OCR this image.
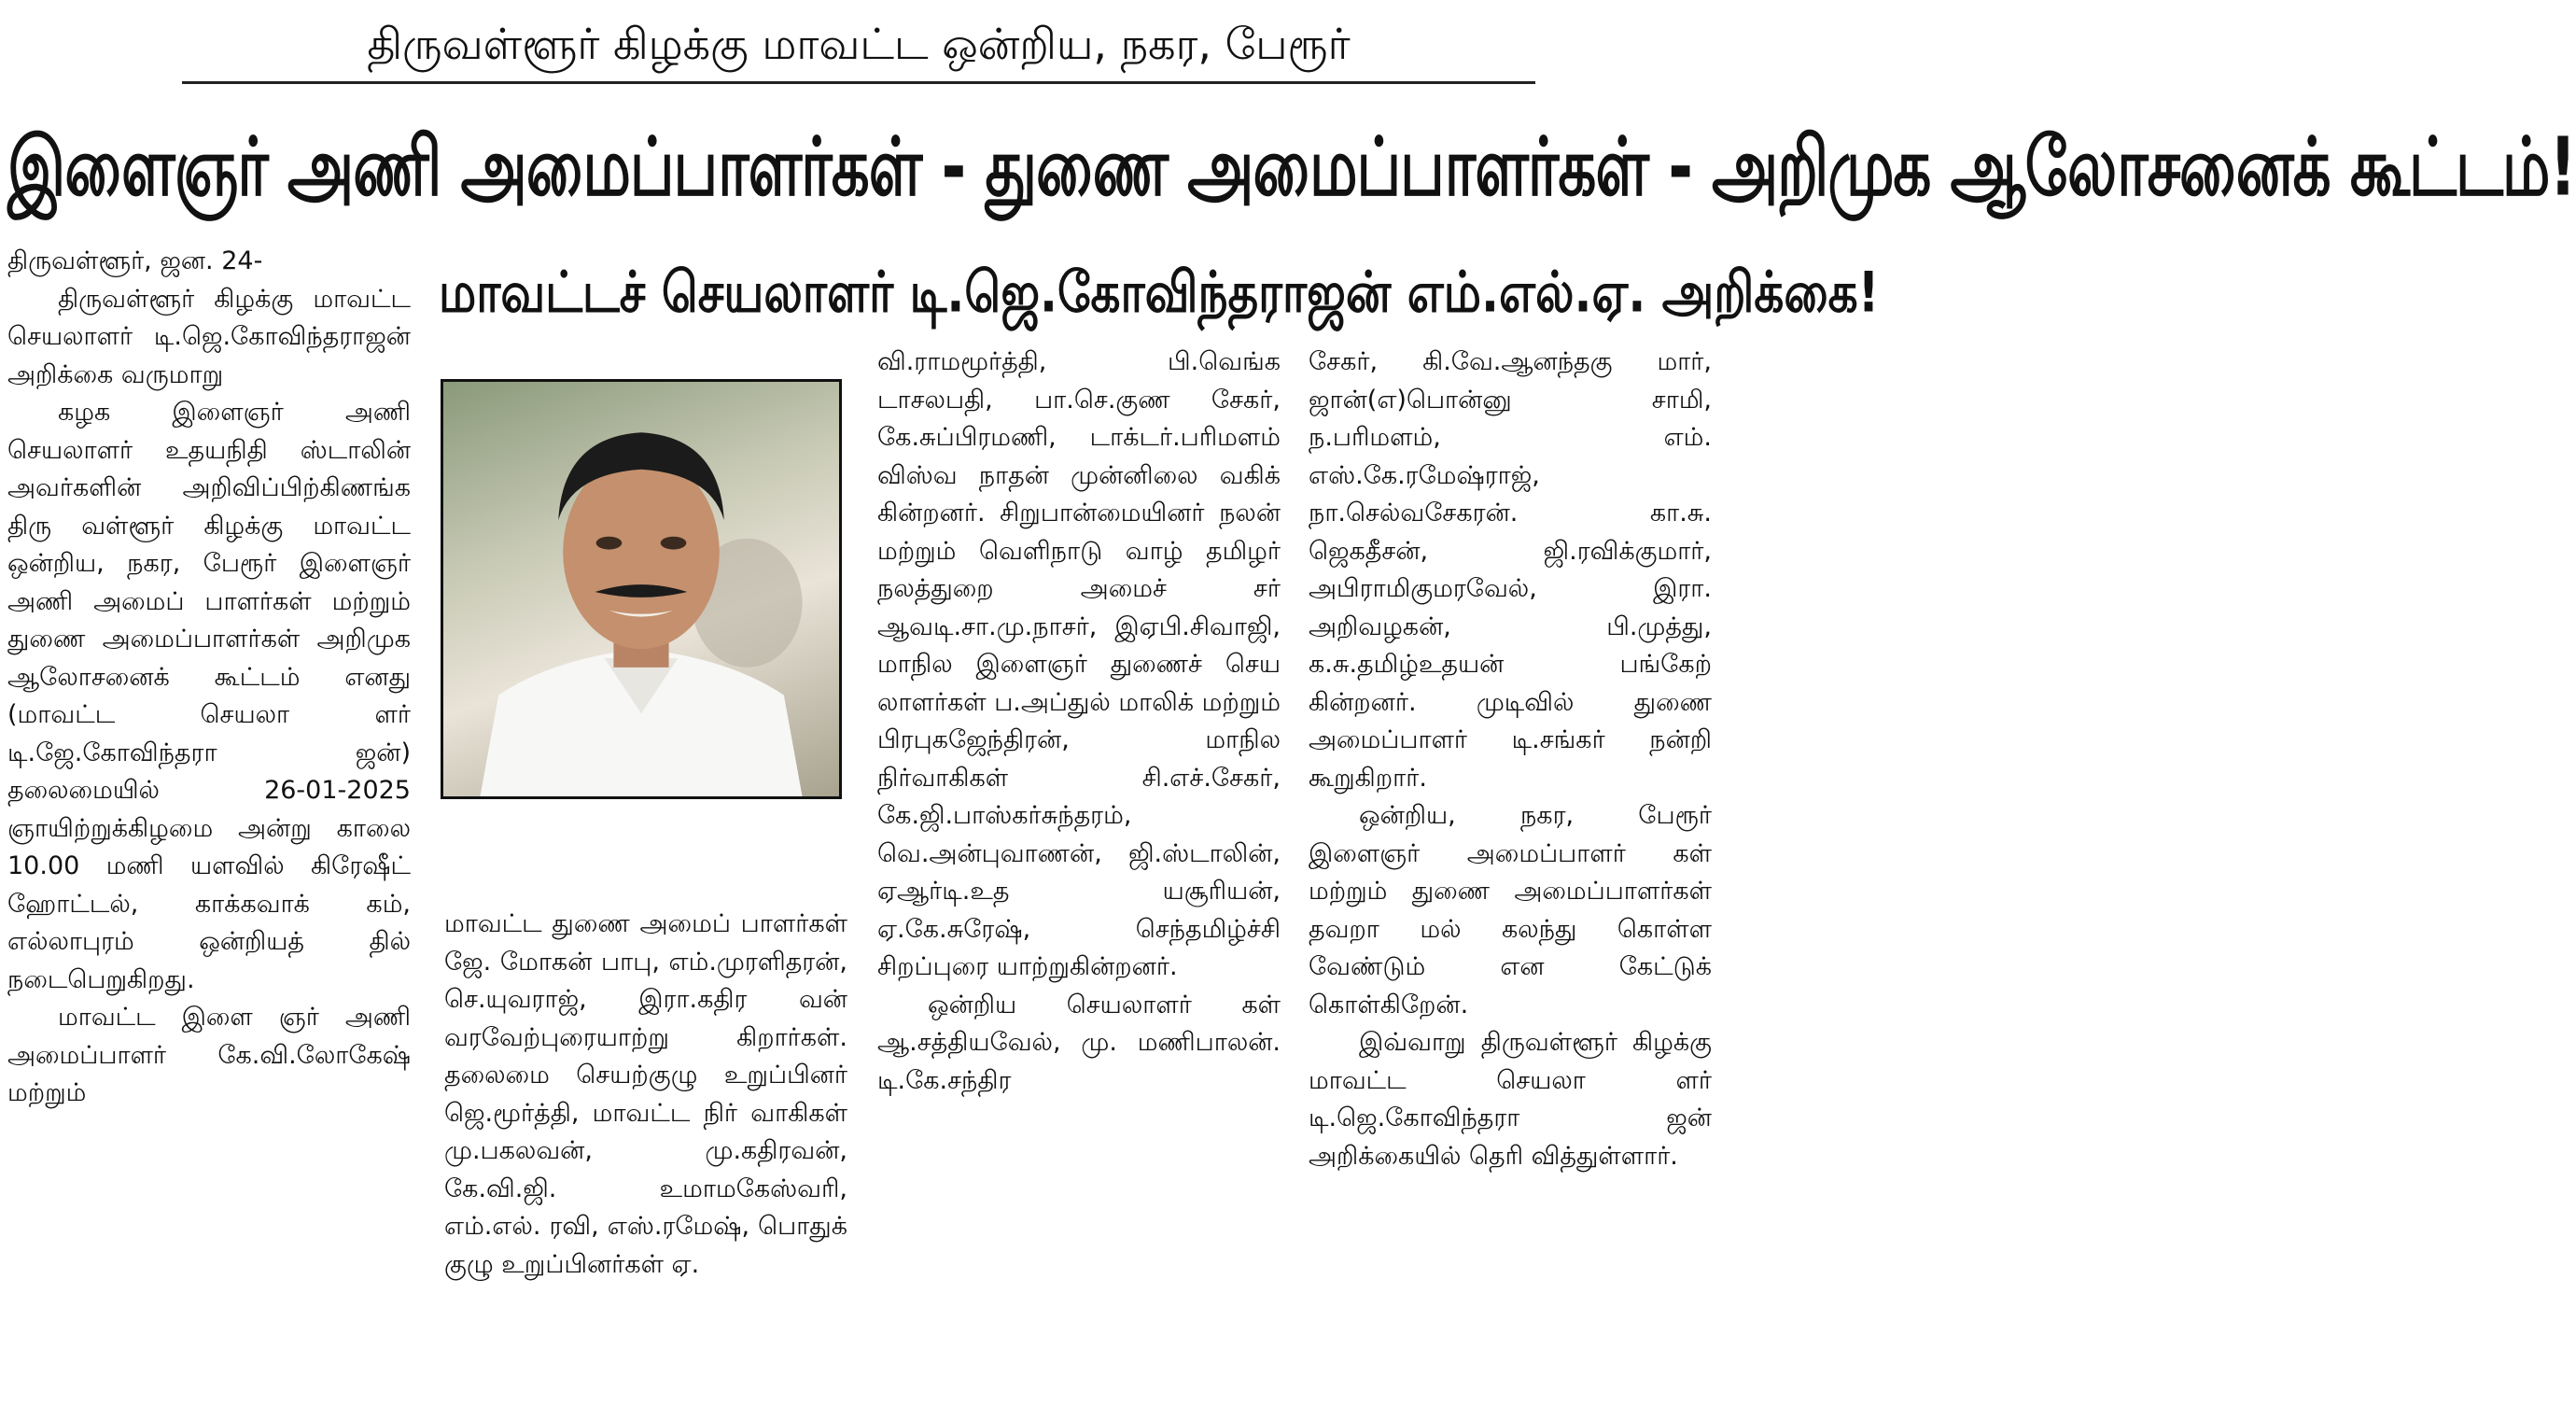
திருவள்ளூர் கிழக்கு மாவட்ட ஒன்றிய, நகர, பேரூர்
இளைஞர் அணி அமைப்பாளர்கள் - துணை அமைப்பாளர்கள் - அறிமுக ஆலோசனைக் கூட்டம்!
மாவட்டச் செயலாளர் டி.ஜெ.கோவிந்தராஜன் எம்.எல்.ஏ. அறிக்கை!

திருவள்ளூர், ஜன. 24-

திருவள்ளூர் கிழக்கு மாவட்ட செயலாளர் டி.ஜெ.கோவிந்தராஜன் அறிக்கை வருமாறு

கழக இளைஞர் அணி செயலாளர் உதயநிதி ஸ்டாலின் அவர்களின் அறிவிப்பிற்கிணங்க திரு வள்ளூர் கிழக்கு மாவட்ட ஒன்றிய, நகர, பேரூர் இளைஞர் அணி அமைப் பாளர்கள் மற்றும் துணை அமைப்பாளர்கள் அறிமுக ஆலோசனைக் கூட்டம் எனது (மாவட்ட செயலா ளர் டி.ஜே.கோவிந்தரா ஜன்) தலைமையில் 26-01-2025 ஞாயிற்றுக்கிழமை அன்று காலை 10.00 மணி யளவில் கிரேஷீட் ஹோட்டல், காக்கவாக் கம், எல்லாபுரம் ஒன்றியத் தில் நடைபெறுகிறது.

மாவட்ட இளை ஞர் அணி அமைப்பாளர் கே.வி.லோகேஷ் மற்றும்

மாவட்ட துணை அமைப் பாளர்கள் ஜே. மோகன் பாபு, எம்.முரளிதரன், செ.யுவராஜ், இரா.கதிர வன் வரவேற்புரையாற்று கிறார்கள். தலைமை செயற்குழு உறுப்பினர் ஜெ.மூர்த்தி, மாவட்ட நிர் வாகிகள் மு.பகலவன், மு.கதிரவன், கே.வி.ஜி. உமாமகேஸ்வரி, எம்.எல். ரவி, எஸ்.ரமேஷ், பொதுக் குழு உறுப்பினர்கள் ஏ.

வி.ராமமூர்த்தி, பி.வெங்க டாசலபதி, பா.செ.குண சேகர், கே.சுப்பிரமணி, டாக்டர்.பரிமளம் விஸ்வ நாதன் முன்னிலை வகிக் கின்றனர். சிறுபான்மையினர் நலன் மற்றும் வெளிநாடு வாழ் தமிழர் நலத்துறை அமைச் சர் ஆவடி.சா.மு.நாசர், இஏபி.சிவாஜி, மாநில இளைஞர் துணைச் செய லாளர்கள் ப.அப்துல் மாலிக் மற்றும் பிரபுகஜேந்திரன், மாநில நிர்வாகிகள் சி.எச்.சேகர், கே.ஜி.பாஸ்கர்சுந்தரம், வெ.அன்புவாணன், ஜி.ஸ்டாலின், ஏஆர்டி.உத யசூரியன், ஏ.கே.சுரேஷ், செந்தமிழ்ச்சி சிறப்புரை யாற்றுகின்றனர்.

ஒன்றிய செயலாளர் கள் ஆ.சத்தியவேல், மு. மணிபாலன். டி.கே.சந்திர

சேகர், கி.வே.ஆனந்தகு மார், ஜான்(எ)பொன்னு சாமி, ந.பரிமளம், எம். எஸ்.கே.ரமேஷ்ராஜ், நா.செல்வசேகரன். கா.சு. ஜெகதீசன், ஜி.ரவிக்குமார், அபிராமிகுமரவேல், இரா. அறிவழகன், பி.முத்து, க.சு.தமிழ்உதயன் பங்கேற் கின்றனர். முடிவில் துணை அமைப்பாளர் டி.சங்கர் நன்றி கூறுகிறார்.

ஒன்றிய, நகர, பேரூர் இளைஞர் அமைப்பாளர் கள் மற்றும் துணை அமைப்பாளர்கள் தவறா மல் கலந்து கொள்ள வேண்டும் என கேட்டுக் கொள்கிறேன்.

இவ்வாறு திருவள்ளூர் கிழக்கு மாவட்ட செயலா ளர் டி.ஜெ.கோவிந்தரா ஜன் அறிக்கையில் தெரி வித்துள்ளார்.
